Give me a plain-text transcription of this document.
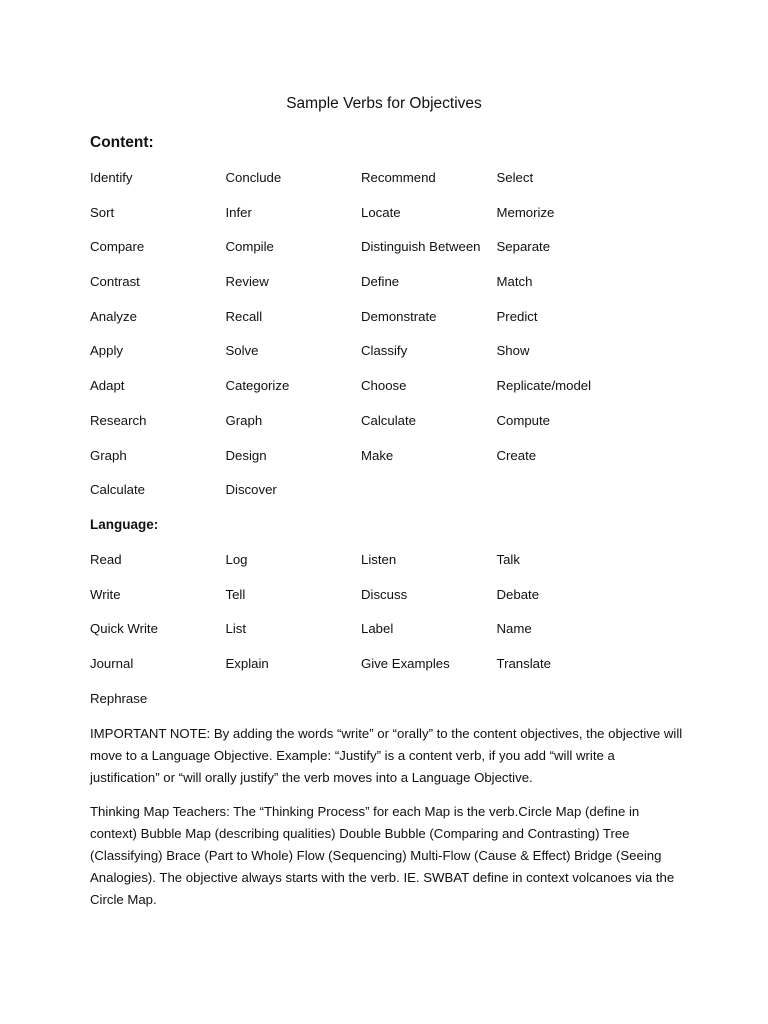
Sample Verbs for Objectives
Content:
Identify	Conclude	Recommend	Select
Sort	Infer	Locate	Memorize
Compare	Compile	Distinguish Between	Separate
Contrast	Review	Define	Match
Analyze	Recall	Demonstrate	Predict
Apply	Solve	Classify	Show
Adapt	Categorize	Choose	Replicate/model
Research	Graph	Calculate	Compute
Graph	Design	Make	Create
Calculate	Discover
Language:
Read	Log	Listen	Talk
Write	Tell	Discuss	Debate
Quick Write	List	Label	Name
Journal	Explain	Give Examples	Translate
Rephrase

IMPORTANT NOTE: By adding the words “write” or “orally” to the content objectives, the objective will move to a Language Objective. Example: “Justify” is a content verb, if you add “will write a justification” or “will orally justify” the verb moves into a Language Objective.

Thinking Map Teachers: The “Thinking Process” for each Map is the verb.Circle Map (define in context) Bubble Map (describing qualities) Double Bubble (Comparing and Contrasting) Tree (Classifying) Brace (Part to Whole) Flow (Sequencing) Multi-Flow (Cause & Effect) Bridge (Seeing Analogies). The objective always starts with the verb. IE. SWBAT define in context volcanoes via the Circle Map.
